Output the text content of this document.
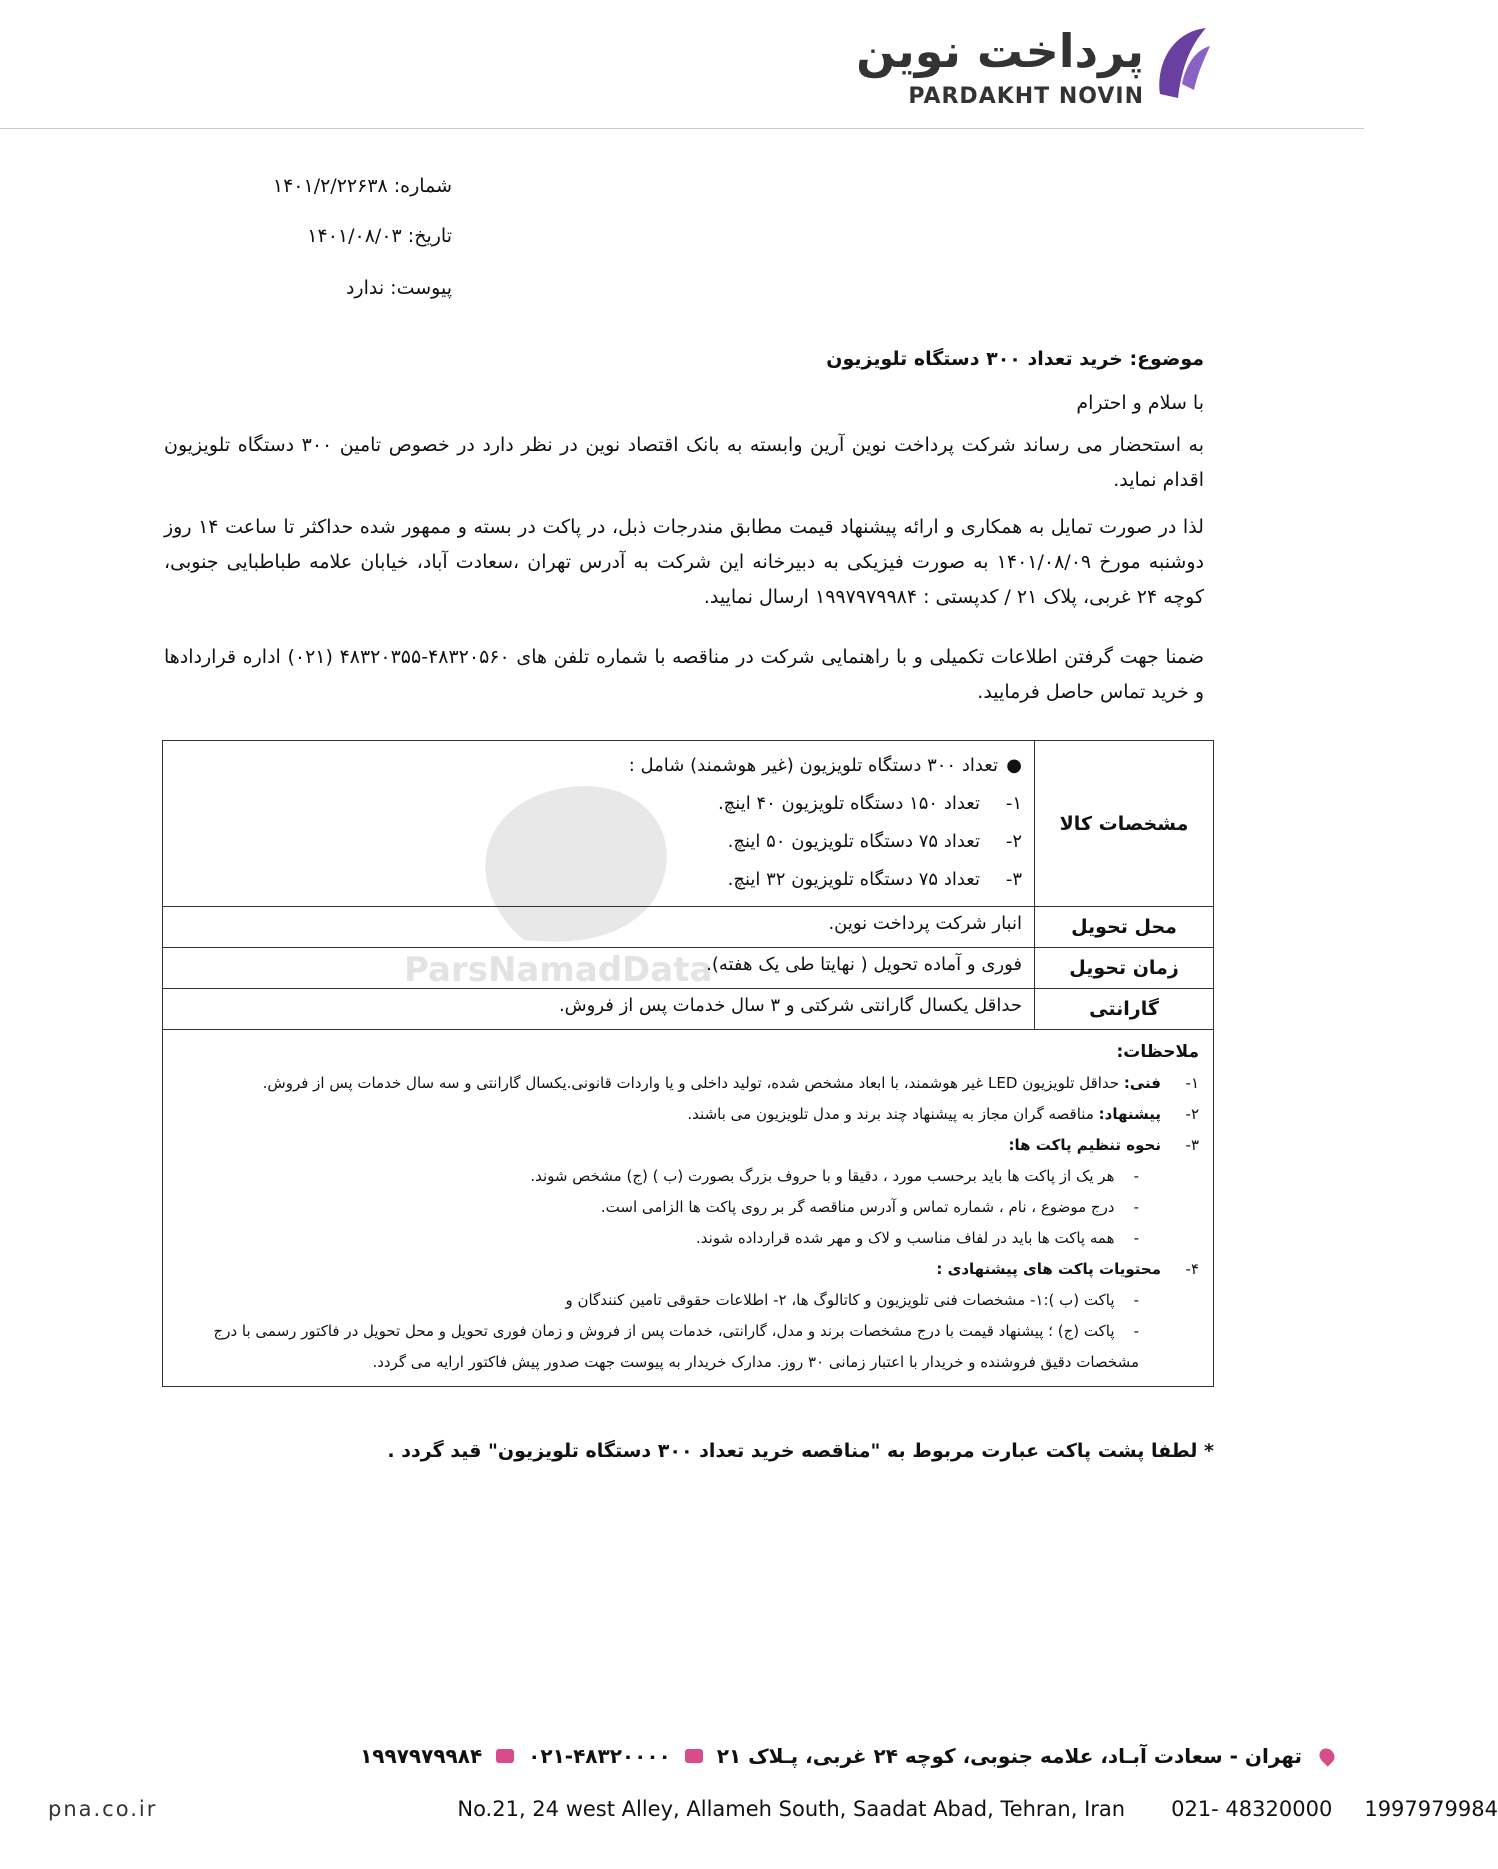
پرداخت نوین
PARDAKHT NOVIN
شماره: ۱۴۰۱/۲/۲۲۶۳۸
تاریخ: ۱۴۰۱/۰۸/۰۳
پیوست: ندارد
موضوع: خرید تعداد ۳۰۰ دستگاه تلویزیون
با سلام و احترام
به استحضار می رساند شرکت پرداخت نوین آرین وابسته به بانک اقتصاد نوین در نظر دارد در خصوص تامین ۳۰۰ دستگاه تلویزیون اقدام نماید.
لذا در صورت تمایل به همکاری و ارائه پیشنهاد قیمت مطابق مندرجات ذبل، در پاکت در بسته و ممهور شده حداکثر تا ساعت ۱۴ روز دوشنبه مورخ ۱۴۰۱/۰۸/۰۹ به صورت فیزیکی به دبیرخانه این شرکت به آدرس تهران ،سعادت آباد، خیابان علامه طباطبایی جنوبی، کوچه ۲۴ غربی، پلاک ۲۱ / کدپستی : ۱۹۹۷۹۷۹۹۸۴ ارسال نمایید.
ضمنا جهت گرفتن اطلاعات تکمیلی و با راهنمایی شرکت در مناقصه با شماره تلفن های ۴۸۳۲۰۵۶۰-۴۸۳۲۰۳۵۵ (۰۲۱) اداره قراردادها و خرید تماس حاصل فرمایید.
ParsNamadData
مشخصات کالا
●تعداد ۳۰۰ دستگاه تلویزیون (غیر هوشمند) شامل :
۱-تعداد ۱۵۰ دستگاه تلویزیون ۴۰ اینچ.
۲-تعداد ۷۵ دستگاه تلویزیون ۵۰ اینچ.
۳-تعداد ۷۵ دستگاه تلویزیون ۳۲ اینچ.
محل تحویل
انبار شرکت پرداخت نوین.
زمان تحویل
فوری و آماده تحویل ( نهایتا طی یک هفته).
گارانتی
حداقل یکسال گارانتی شرکتی و ۳ سال خدمات پس از فروش.
ملاحظات:
۱-فنی: حداقل تلویزیون LED غیر هوشمند، با ابعاد مشخص شده، تولید داخلی و یا واردات قانونی.یکسال گارانتی و سه سال خدمات پس از فروش.
۲-پیشنهاد: مناقصه گران مجاز به پیشنهاد چند برند و مدل تلویزیون می باشند.
۳-نحوه تنظیم پاکت ها:
-    هر یک از پاکت ها باید برحسب مورد ، دقیقا و با حروف بزرگ بصورت (ب ) (ج) مشخص شوند.
-    درج موضوع ، نام ، شماره تماس و آدرس مناقصه گر بر روی پاکت ها الزامی است.
-    همه پاکت ها باید در لفاف مناسب و لاک و مهر شده قرارداده شوند.
۴-محتویات پاکت های پیشنهادی :
-    پاکت (ب ):۱- مشخصات فنی تلویزیون و کاتالوگ ها، ۲- اطلاعات حقوقی تامین کنندگان و
-    پاکت (ج) ؛ پیشنهاد قیمت با درج مشخصات برند و مدل، گارانتی، خدمات پس از فروش و زمان فوری تحویل و محل تحویل در فاکتور رسمی با درج مشخصات دقیق فروشنده و خریدار با اعتبار زمانی ۳۰ روز. مدارک خریدار به پیوست جهت صدور پیش فاکتور ارایه می گردد.
* لطفا پشت پاکت عبارت مربوط به "مناقصه خرید تعداد ۳۰۰ دستگاه تلویزیون" قید گردد .
تهران - سعادت آبـاد، علامه جنوبی، کوچه ۲۴ غربی، پـلاک ۲۱
۰۲۱-۴۸۳۲۰۰۰۰
۱۹۹۷۹۷۹۹۸۴
pna.co.ir	No.21, 24 west Alley, Allameh South, Saadat Abad, Tehran, Iran 021- 48320000 1997979984
